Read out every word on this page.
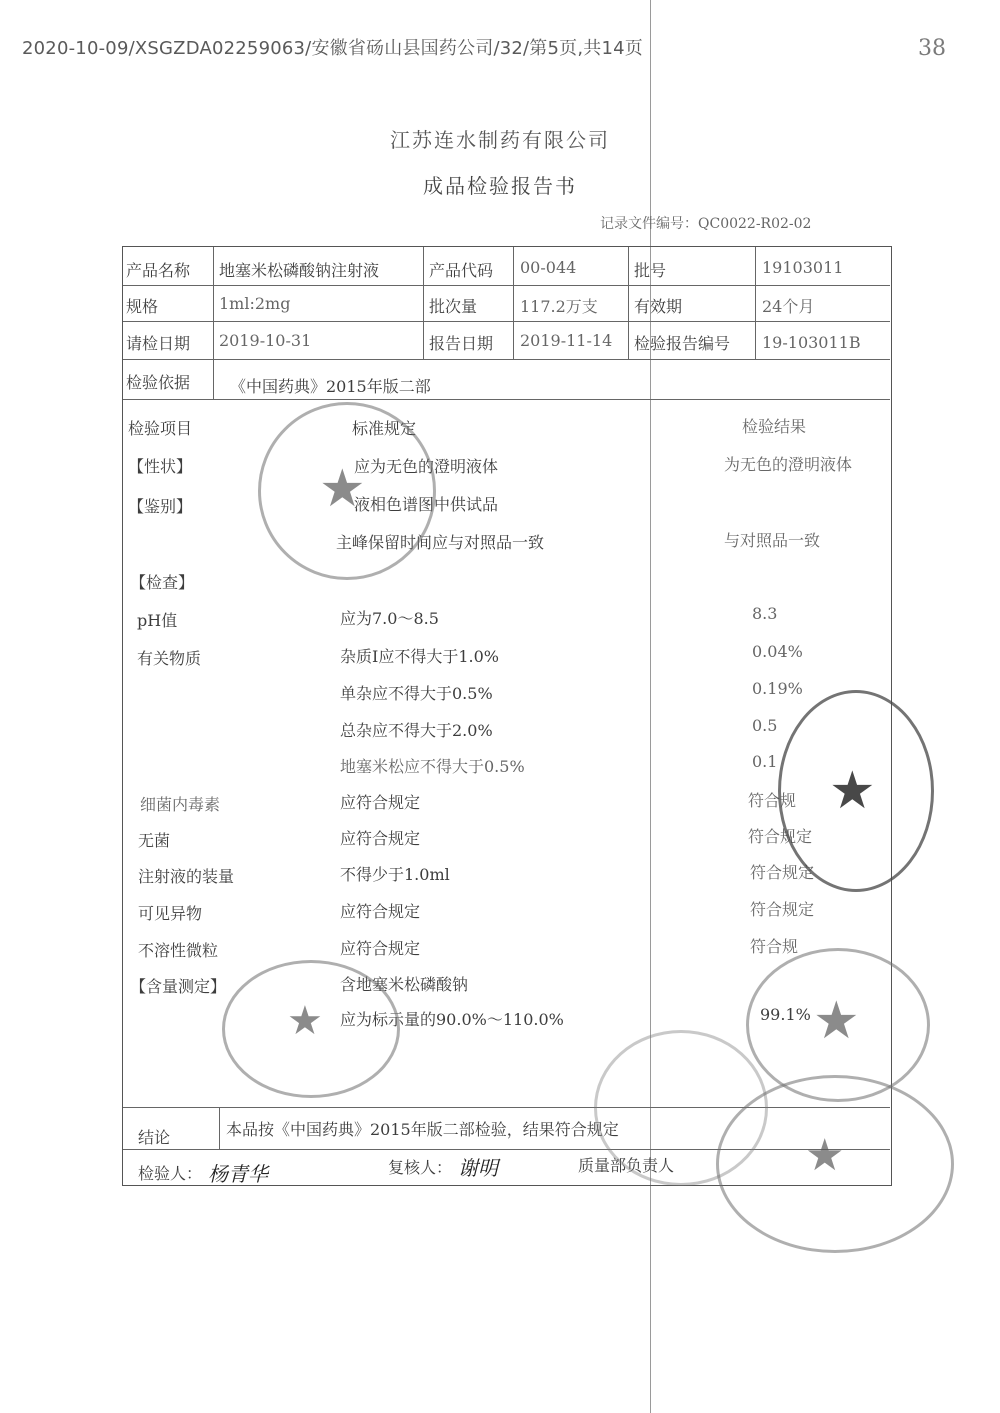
2020-10-09/XSGZDA02259063/安徽省砀山县国药公司/32/第5页,共14页	38
江苏连水制药有限公司
成品检验报告书
记录文件编号：QC0022-R02-02
产品名称 地塞米松磷酸钠注射液	产品代码 00-044	批号	19103011
规格	1ml:2mg	批次量	117.2万支 有效期	24个月
请检日期 2019-10-31	报告日期 2019-11-14 检验报告编号 19-103011B
检验依据 《中国药典》2015年版二部
检验项目	标准规定	检验结果
【性状】	应为无色的澄明液体	为无色的澄明液体
【鉴别】	液相色谱图中供试品
主峰保留时间应与对照品一致	与对照品一致
【检查】
pH值	应为7.0～8.5	8.3
有关物质	杂质Ⅰ应不得大于1.0%	0.04%
单杂应不得大于0.5%	0.19%
总杂应不得大于2.0%	0.5
地塞米松应不得大于0.5%	0.1
细菌内毒素	应符合规定	符合规
无菌	应符合规定	符合规定
注射液的装量	不得少于1.0ml	符合规定
可见异物	应符合规定	符合规定
不溶性微粒	应符合规定	符合规
【含量测定】	含地塞米松磷酸钠
应为标示量的90.0%～110.0%	99.1%
结论	本品按《中国药典》2015年版二部检验，结果符合规定
检验人： 杨青华	复核人： 谢明	质量部负责人
★
★
★
★
★
